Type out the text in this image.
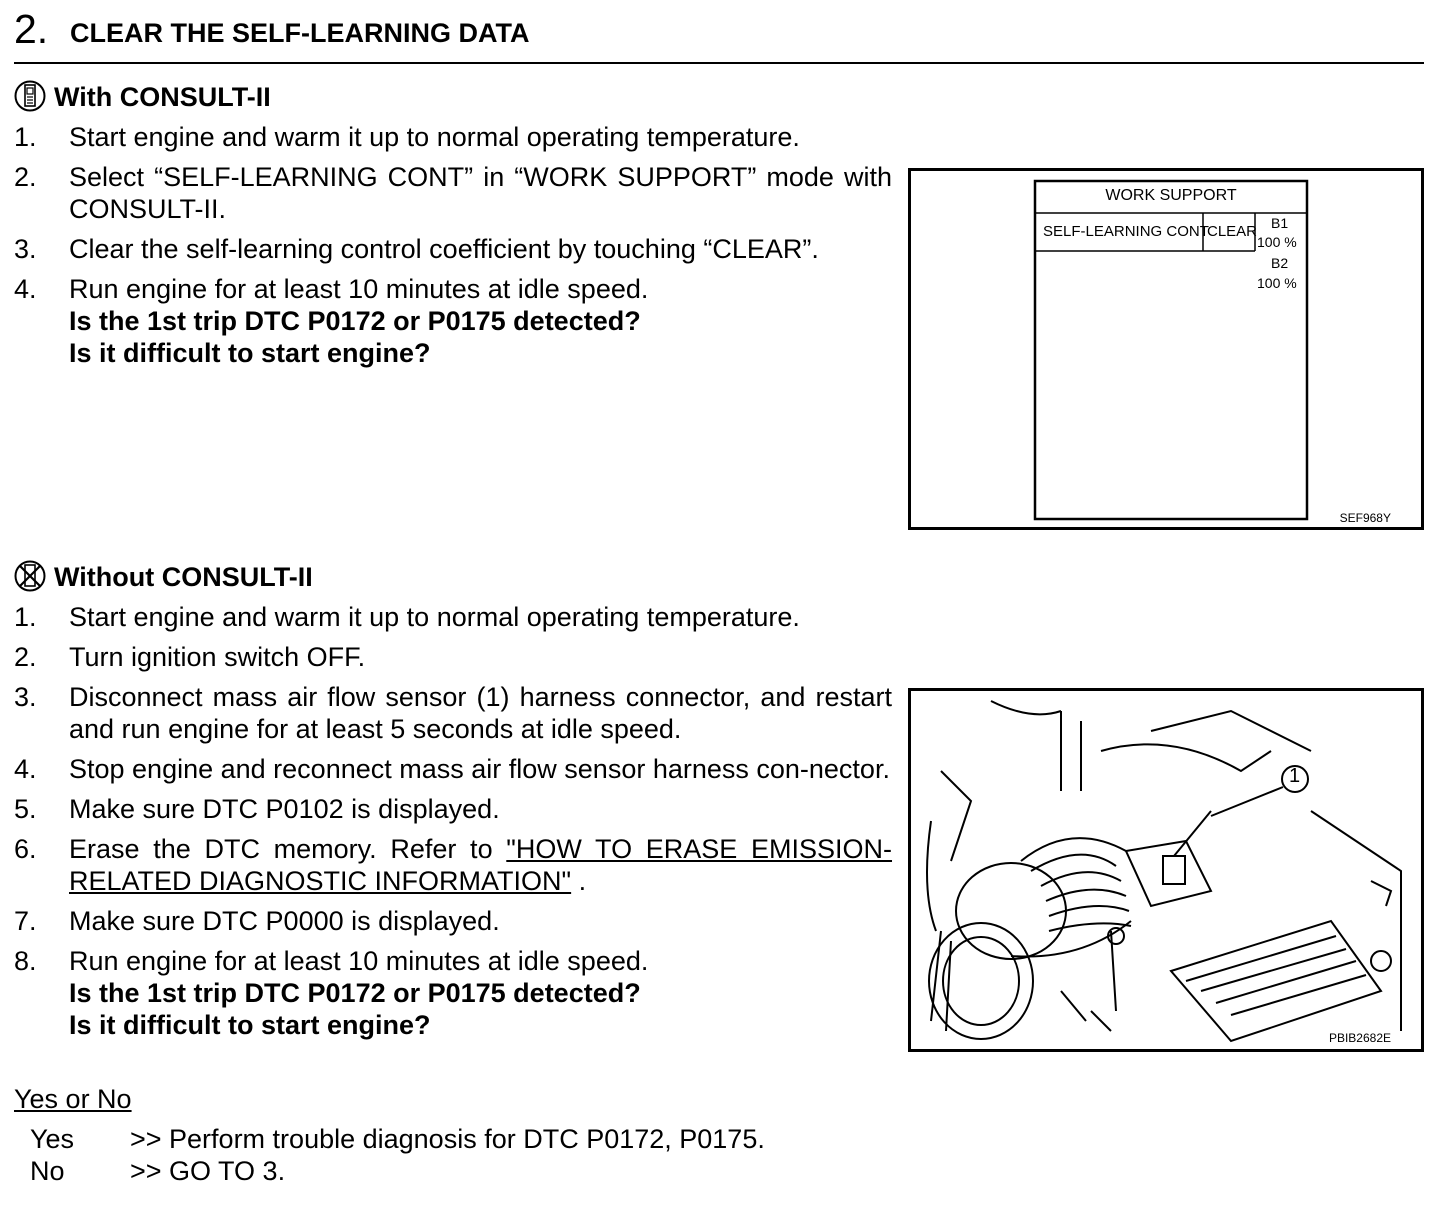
2. CLEAR THE SELF-LEARNING DATA
With CONSULT-II
1. Start engine and warm it up to normal operating temperature.
2. Select “SELF-LEARNING CONT” in “WORK SUPPORT” mode with CONSULT-II.
3. Clear the self-learning control coefficient by touching “CLEAR”.
4. Run engine for at least 10 minutes at idle speed.
Is the 1st trip DTC P0172 or P0175 detected?
Is it difficult to start engine?
WORK SUPPORT
SELF-LEARNING CONT
CLEAR B1
100 %
B2
100 %
SEF968Y
Without CONSULT-II
1. Start engine and warm it up to normal operating temperature.
2. Turn ignition switch OFF.
3. Disconnect mass air flow sensor (1) harness connector, and restart and run engine for at least 5 seconds at idle speed.
4. Stop engine and reconnect mass air flow sensor harness con-nector.
5. Make sure DTC P0102 is displayed.
6. Erase the DTC memory. Refer to "HOW TO ERASE EMISSION-RELATED DIAGNOSTIC INFORMATION" .
7. Make sure DTC P0000 is displayed.
8. Run engine for at least 10 minutes at idle speed.
Is the 1st trip DTC P0172 or P0175 detected?
Is it difficult to start engine?
1
PBIB2682E
Yes or No
Yes >> Perform trouble diagnosis for DTC P0172, P0175.
No >> GO TO 3.
